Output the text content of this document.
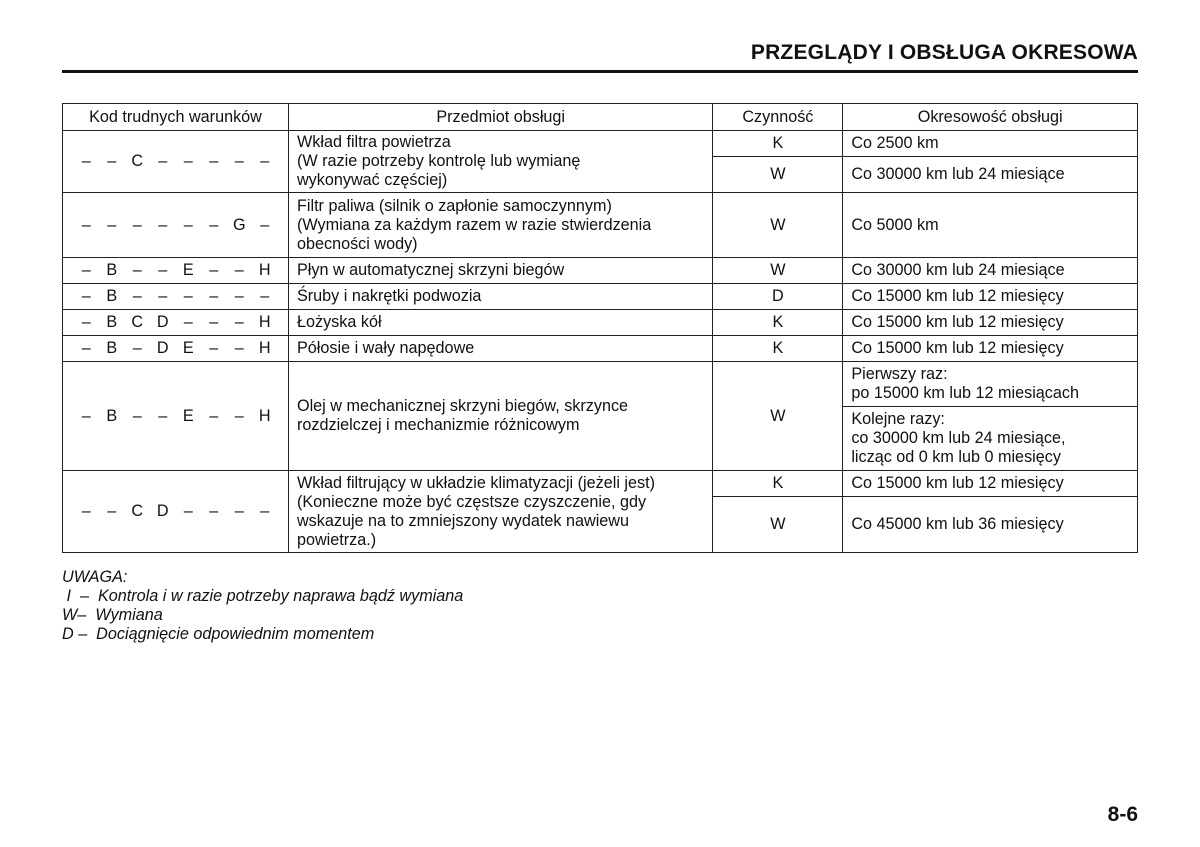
PRZEGLĄDY I OBSŁUGA OKRESOWA
Kod trudnych warunków	Przedmiot obsługi	Czynność	Okresowość obsługi
– – C – – – – –	Wkład filtra powietrza
(W razie potrzeby kontrolę lub wymianę
wykonywać częściej)	K	Co 2500 km
		W	Co 30000 km lub 24 miesiące
– – – – – – G –	Filtr paliwa (silnik o zapłonie samoczynnym)
(Wymiana za każdym razem w razie stwierdzenia
obecności wody)	W	Co 5000 km
– B – – E – – H	Płyn w automatycznej skrzyni biegów	W	Co 30000 km lub 24 miesiące
– B – – – – – –	Śruby i nakrętki podwozia	D	Co 15000 km lub 12 miesięcy
– B C D – – – H	Łożyska kół	K	Co 15000 km lub 12 miesięcy
– B – D E – – H	Półosie i wały napędowe	K	Co 15000 km lub 12 miesięcy
– B – – E – – H	Olej w mechanicznej skrzyni biegów, skrzynce
rozdzielczej i mechanizmie różnicowym	W	Pierwszy raz:
po 15000 km lub 12 miesiącach
			Kolejne razy:
co 30000 km lub 24 miesiące,
licząc od 0 km lub 0 miesięcy
– – C D – – – –	Wkład filtrujący w układzie klimatyzacji (jeżeli jest)
(Konieczne może być częstsze czyszczenie, gdy
wskazuje na to zmniejszony wydatek nawiewu
powietrza.)	K	Co 15000 km lub 12 miesięcy
		W	Co 45000 km lub 36 miesięcy
UWAGA:
I  –  Kontrola i w razie potrzeby naprawa bądź wymiana
W–  Wymiana
D –  Dociągnięcie odpowiednim momentem
8-6
